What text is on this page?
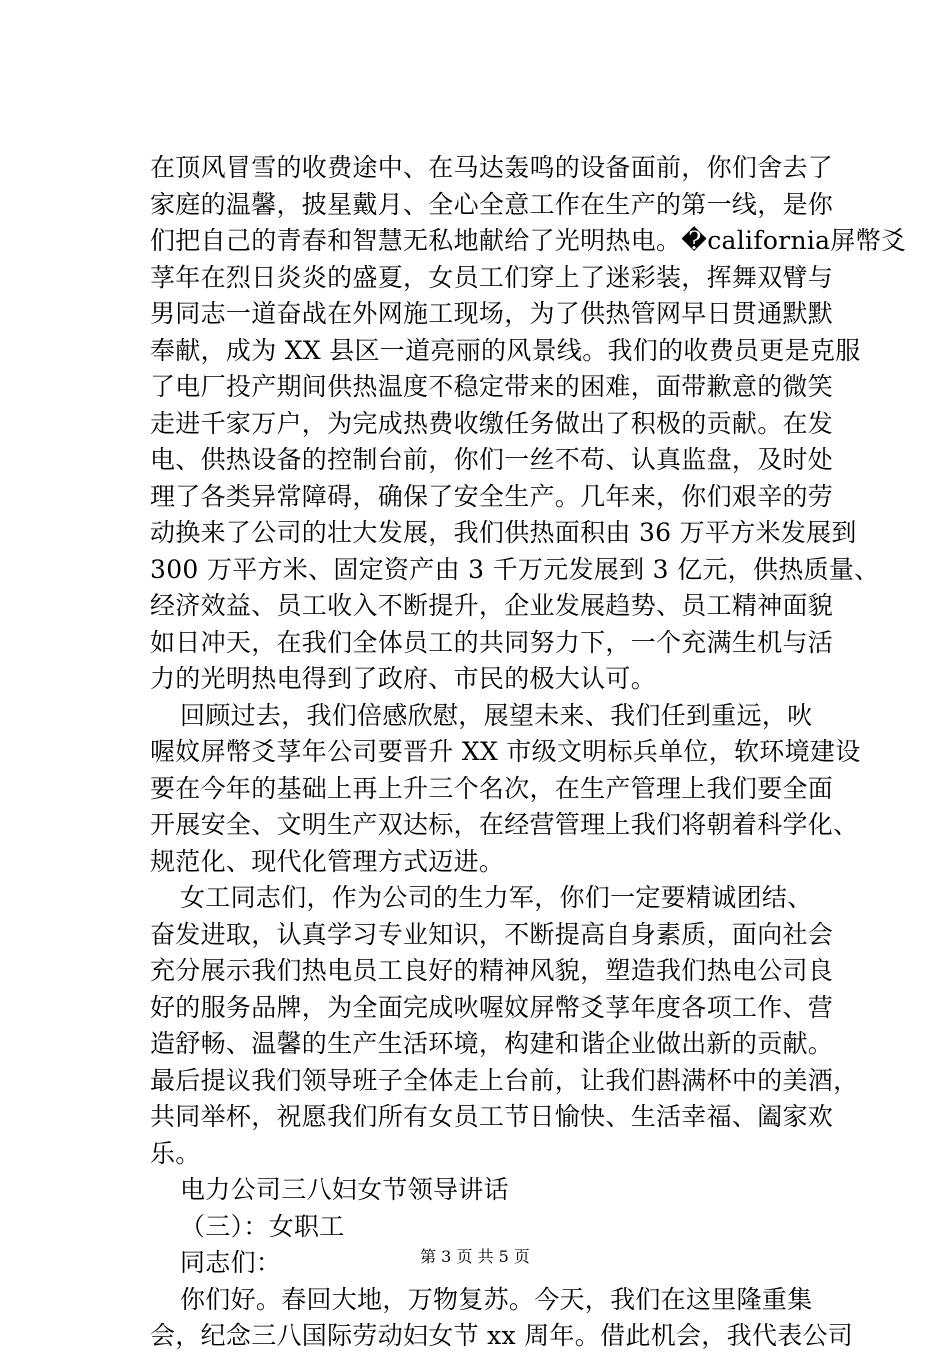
在顶风冒雪的收费途中、在马达轰鸣的设备面前，你们舍去了
家庭的温馨，披星戴月、全心全意工作在生产的第一线，是你
们把自己的青春和智慧无私地献给了光明热电。�california屏幣爻
莩年在烈日炎炎的盛夏，女员工们穿上了迷彩装，挥舞双臂与
男同志一道奋战在外网施工现场，为了供热管网早日贯通默默
奉献，成为 XX 县区一道亮丽的风景线。我们的收费员更是克服
了电厂投产期间供热温度不稳定带来的困难，面带歉意的微笑
走进千家万户，为完成热费收缴任务做出了积极的贡献。在发
电、供热设备的控制台前，你们一丝不苟、认真监盘，及时处
理了各类异常障碍，确保了安全生产。几年来，你们艰辛的劳
动换来了公司的壮大发展，我们供热面积由 36 万平方米发展到
300 万平方米、固定资产由 3 千万元发展到 3 亿元，供热质量、
经济效益、员工收入不断提升，企业发展趋势、员工精神面貌
如日冲天，在我们全体员工的共同努力下，一个充满生机与活
力的光明热电得到了政府、市民的极大认可。
回顾过去，我们倍感欣慰，展望未来、我们任到重远，吙
喔妏屏幣爻莩年公司要晋升 XX 市级文明标兵单位，软环境建设
要在今年的基础上再上升三个名次，在生产管理上我们要全面
开展安全、文明生产双达标，在经营管理上我们将朝着科学化、
规范化、现代化管理方式迈进。
女工同志们，作为公司的生力军，你们一定要精诚团结、
奋发进取，认真学习专业知识，不断提高自身素质，面向社会
充分展示我们热电员工良好的精神风貌，塑造我们热电公司良
好的服务品牌，为全面完成吙喔妏屏幣爻莩年度各项工作、营
造舒畅、温馨的生产生活环境，构建和谐企业做出新的贡献。
最后提议我们领导班子全体走上台前，让我们斟满杯中的美酒，
共同举杯，祝愿我们所有女员工节日愉快、生活幸福、阖家欢
乐。
电力公司三八妇女节领导讲话
（三）：女职工
同志们：
你们好。春回大地，万物复苏。今天，我们在这里隆重集
会，纪念三八国际劳动妇女节 xx 周年。借此机会，我代表公司
第 3 页 共 5 页
